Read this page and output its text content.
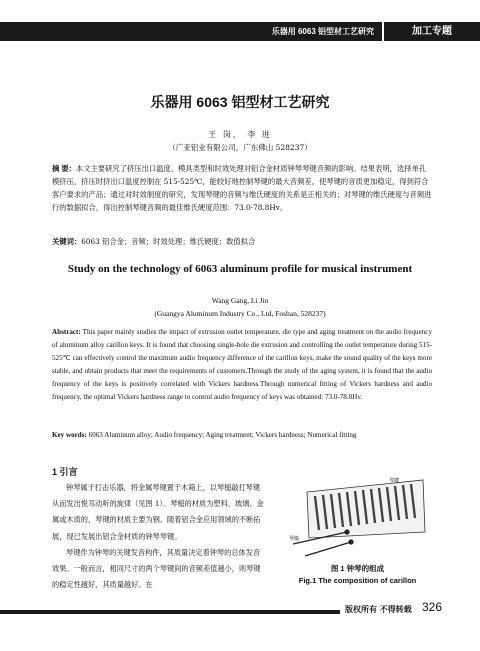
乐器用 6063 铝型材工艺研究	加工专题
乐器用 6063 铝型材工艺研究
王 岗， 李 进
（广亚铝业有限公司，广东佛山 528237）
摘 要：本文主要研究了挤压出口温度、模具类型和时效处理对铝合金材质钟琴琴键音频的影响。结果表明，选择单孔模挤压，挤压时挤出口温度控制在 515-525℃，能较好地控制琴键的最大音频差，使琴键的音质更加稳定，得到符合客户要求的产品；通过对时效制度的研究，发现琴键的音频与维氏硬度的关系是正相关的；对琴键的维氏硬度与音频进行的数据拟合，得出控制琴键音频的最佳维氏硬度范围：73.0-78.8Hv。
关键词：6063 铝合金；音频；时效处理；维氏硬度；数值拟合
Study on the technology of 6063 aluminum profile for musical instrument
Wang Gang, Li Jin
(Guangya Aluminum Industry Co., Ltd, Foshan, 528237)
Abstract: This paper mainly studies the impact of extrusion outlet temperature, die type and aging treatment on the audio frequency of aluminum alloy carillon keys. It is found that choosing single-hole die extrusion and controlling the outlet temperature during 515-525℃ can effectively control the maximum audio frequency difference of the carillon keys, make the sound quality of the keys more stable, and obtain products that meet the requirements of customers.Through the study of the aging system, it is found that the audio frequency of the keys is positively correlated with Vickers hardness.Through numerical fitting of Vickers hardness and audio frequency, the optimal Vickers hardness range to control audio frequency of keys was obtained: 73.0-78.8Hv.
Key words: 6063 Aluminum alloy; Audio frequency; Aging treatment; Vickers hardness; Numerical fitting
1 引言

钟琴属于打击乐器，将金属琴键置于木箱上，以琴槌敲打琴键从而发出悦耳动听的旋律（见图 1）。琴槌的材质为塑料、玻璃、金属或木质的，琴键的材质主要为钢。随着铝合金应用领域的不断拓展，现已发展出铝合金材质的钟琴琴键。

琴键作为钟琴的关键发音构件，其质量决定着钟琴的总体发音效果。一般而言，相同尺寸的两个琴键间的音频差值越小，则琴键的稳定性越好，其质量越好。在

琴键
琴槌
图 1 钟琴的组成
Fig.1 The composition of carillon
版权所有 不得转载 326
